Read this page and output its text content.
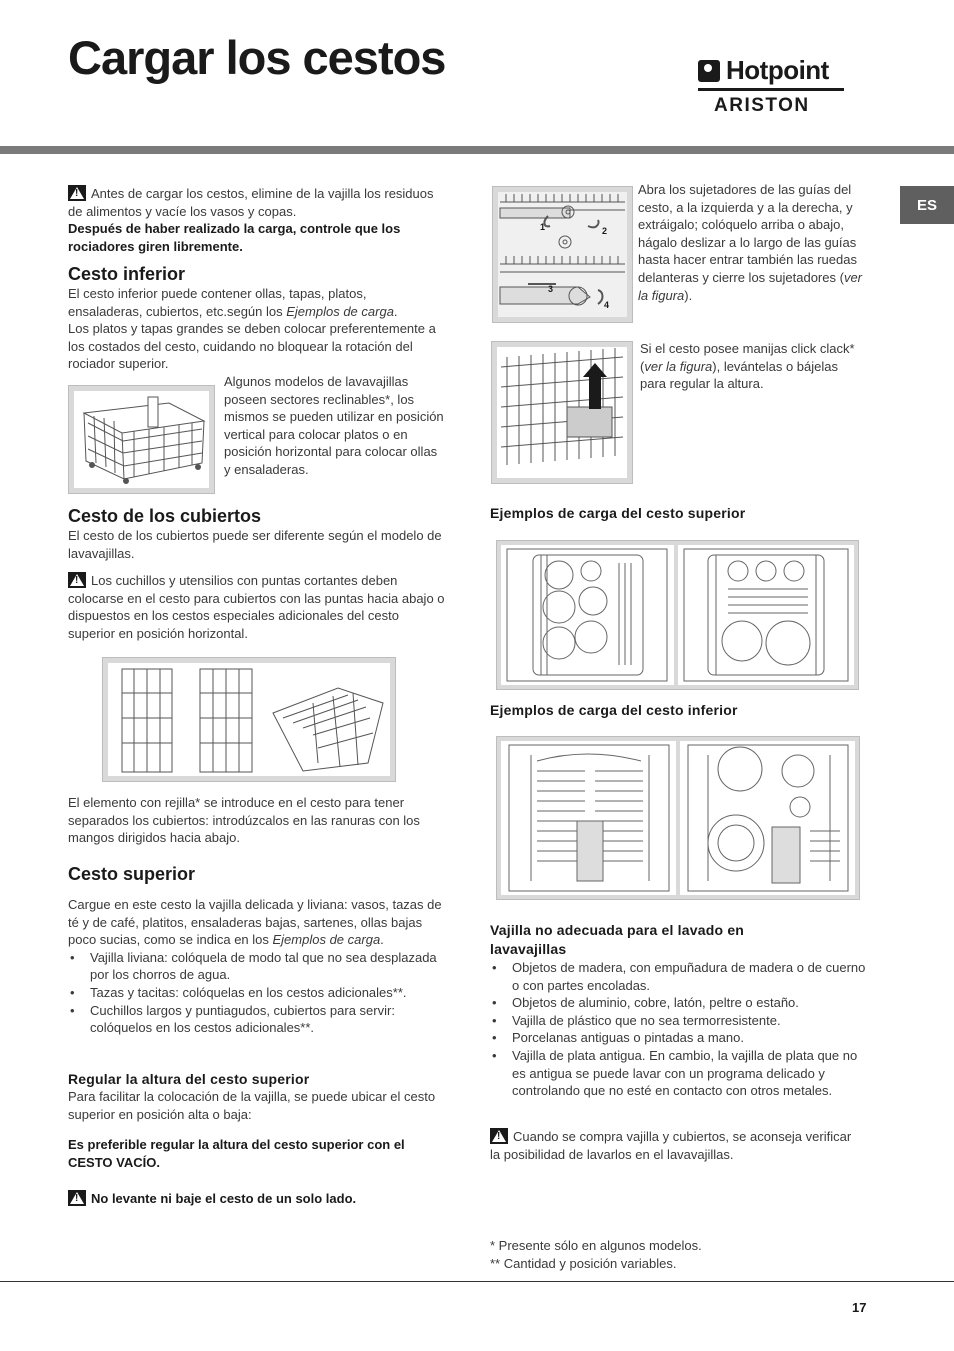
Cargar los cestos	Hotpoint
ARISTON
ES

!Antes de cargar los cestos, elimine de la vajilla los residuos de alimentos y vacíe los vasos y copas.

Después de haber realizado la carga, controle que los rociadores giren libremente.

Cesto inferior

El cesto inferior puede contener ollas, tapas, platos, ensaladeras, cubiertos, etc.según los Ejemplos de carga.

Los platos y tapas grandes se deben colocar preferentemente a los costados del cesto, cuidando no bloquear la rotación del rociador superior.

Algunos modelos de lavavajillas poseen sectores reclinables*, los mismos se pueden utilizar en posición vertical para colocar platos o en posición horizontal para colocar ollas y ensaladeras.

Cesto de los cubiertos

El cesto de los cubiertos puede ser diferente según el modelo de lavavajillas.

!Los cuchillos y utensilios con puntas cortantes deben colocarse en el cesto para cubiertos con las puntas hacia abajo o dispuestos en los cestos especiales adicionales del cesto superior en posición horizontal.

El elemento con rejilla* se introduce en el cesto para tener separados los cubiertos: introdúzcalos en las ranuras con los mangos dirigidos hacia abajo.

Cesto superior

Cargue en este cesto la vajilla delicada y liviana: vasos, tazas de té y de café, platitos, ensaladeras bajas, sartenes, ollas bajas poco sucias, como se indica en los Ejemplos de carga.

• Vajilla liviana: colóquela de modo tal que no sea desplazada por los chorros de agua.
• Tazas y tacitas: colóquelas en los cestos adicionales**.
• Cuchillos largos y puntiagudos, cubiertos para servir: colóquelos en los cestos adicionales**.
Regular la altura del cesto superior

Para facilitar la colocación de la vajilla, se puede ubicar el cesto superior en posición alta o baja:

Es preferible regular la altura del cesto superior con el CESTO VACÍO.

!No levante ni baje el cesto de un solo lado.

1	2
3
4

Abra los sujetadores de las guías del cesto, a la izquierda y a la derecha, y extráigalo; colóquelo arriba o abajo, hágalo deslizar a lo largo de las guías hasta hacer entrar también las ruedas delanteras y cierre los sujetadores (ver la figura).

Si el cesto posee manijas click clack* (ver la figura), levántelas o bájelas para regular la altura.

Ejemplos de carga del cesto superior
Ejemplos de carga del cesto inferior
Vajilla no adecuada para el lavado en lavavajillas
• Objetos de madera, con empuñadura de madera o de cuerno o con partes encoladas.
• Objetos de aluminio, cobre, latón, peltre o estaño.
• Vajilla de plástico que no sea termorresistente.
• Porcelanas antiguas o pintadas a mano.
• Vajilla de plata antigua. En cambio, la vajilla de plata que no es antigua se puede lavar con un programa delicado y controlando que no esté en contacto con otros metales.

!Cuando se compra vajilla y cubiertos, se aconseja verificar la posibilidad de lavarlos en el lavavajillas.

* Presente sólo en algunos modelos.
** Cantidad y posición variables.
17
